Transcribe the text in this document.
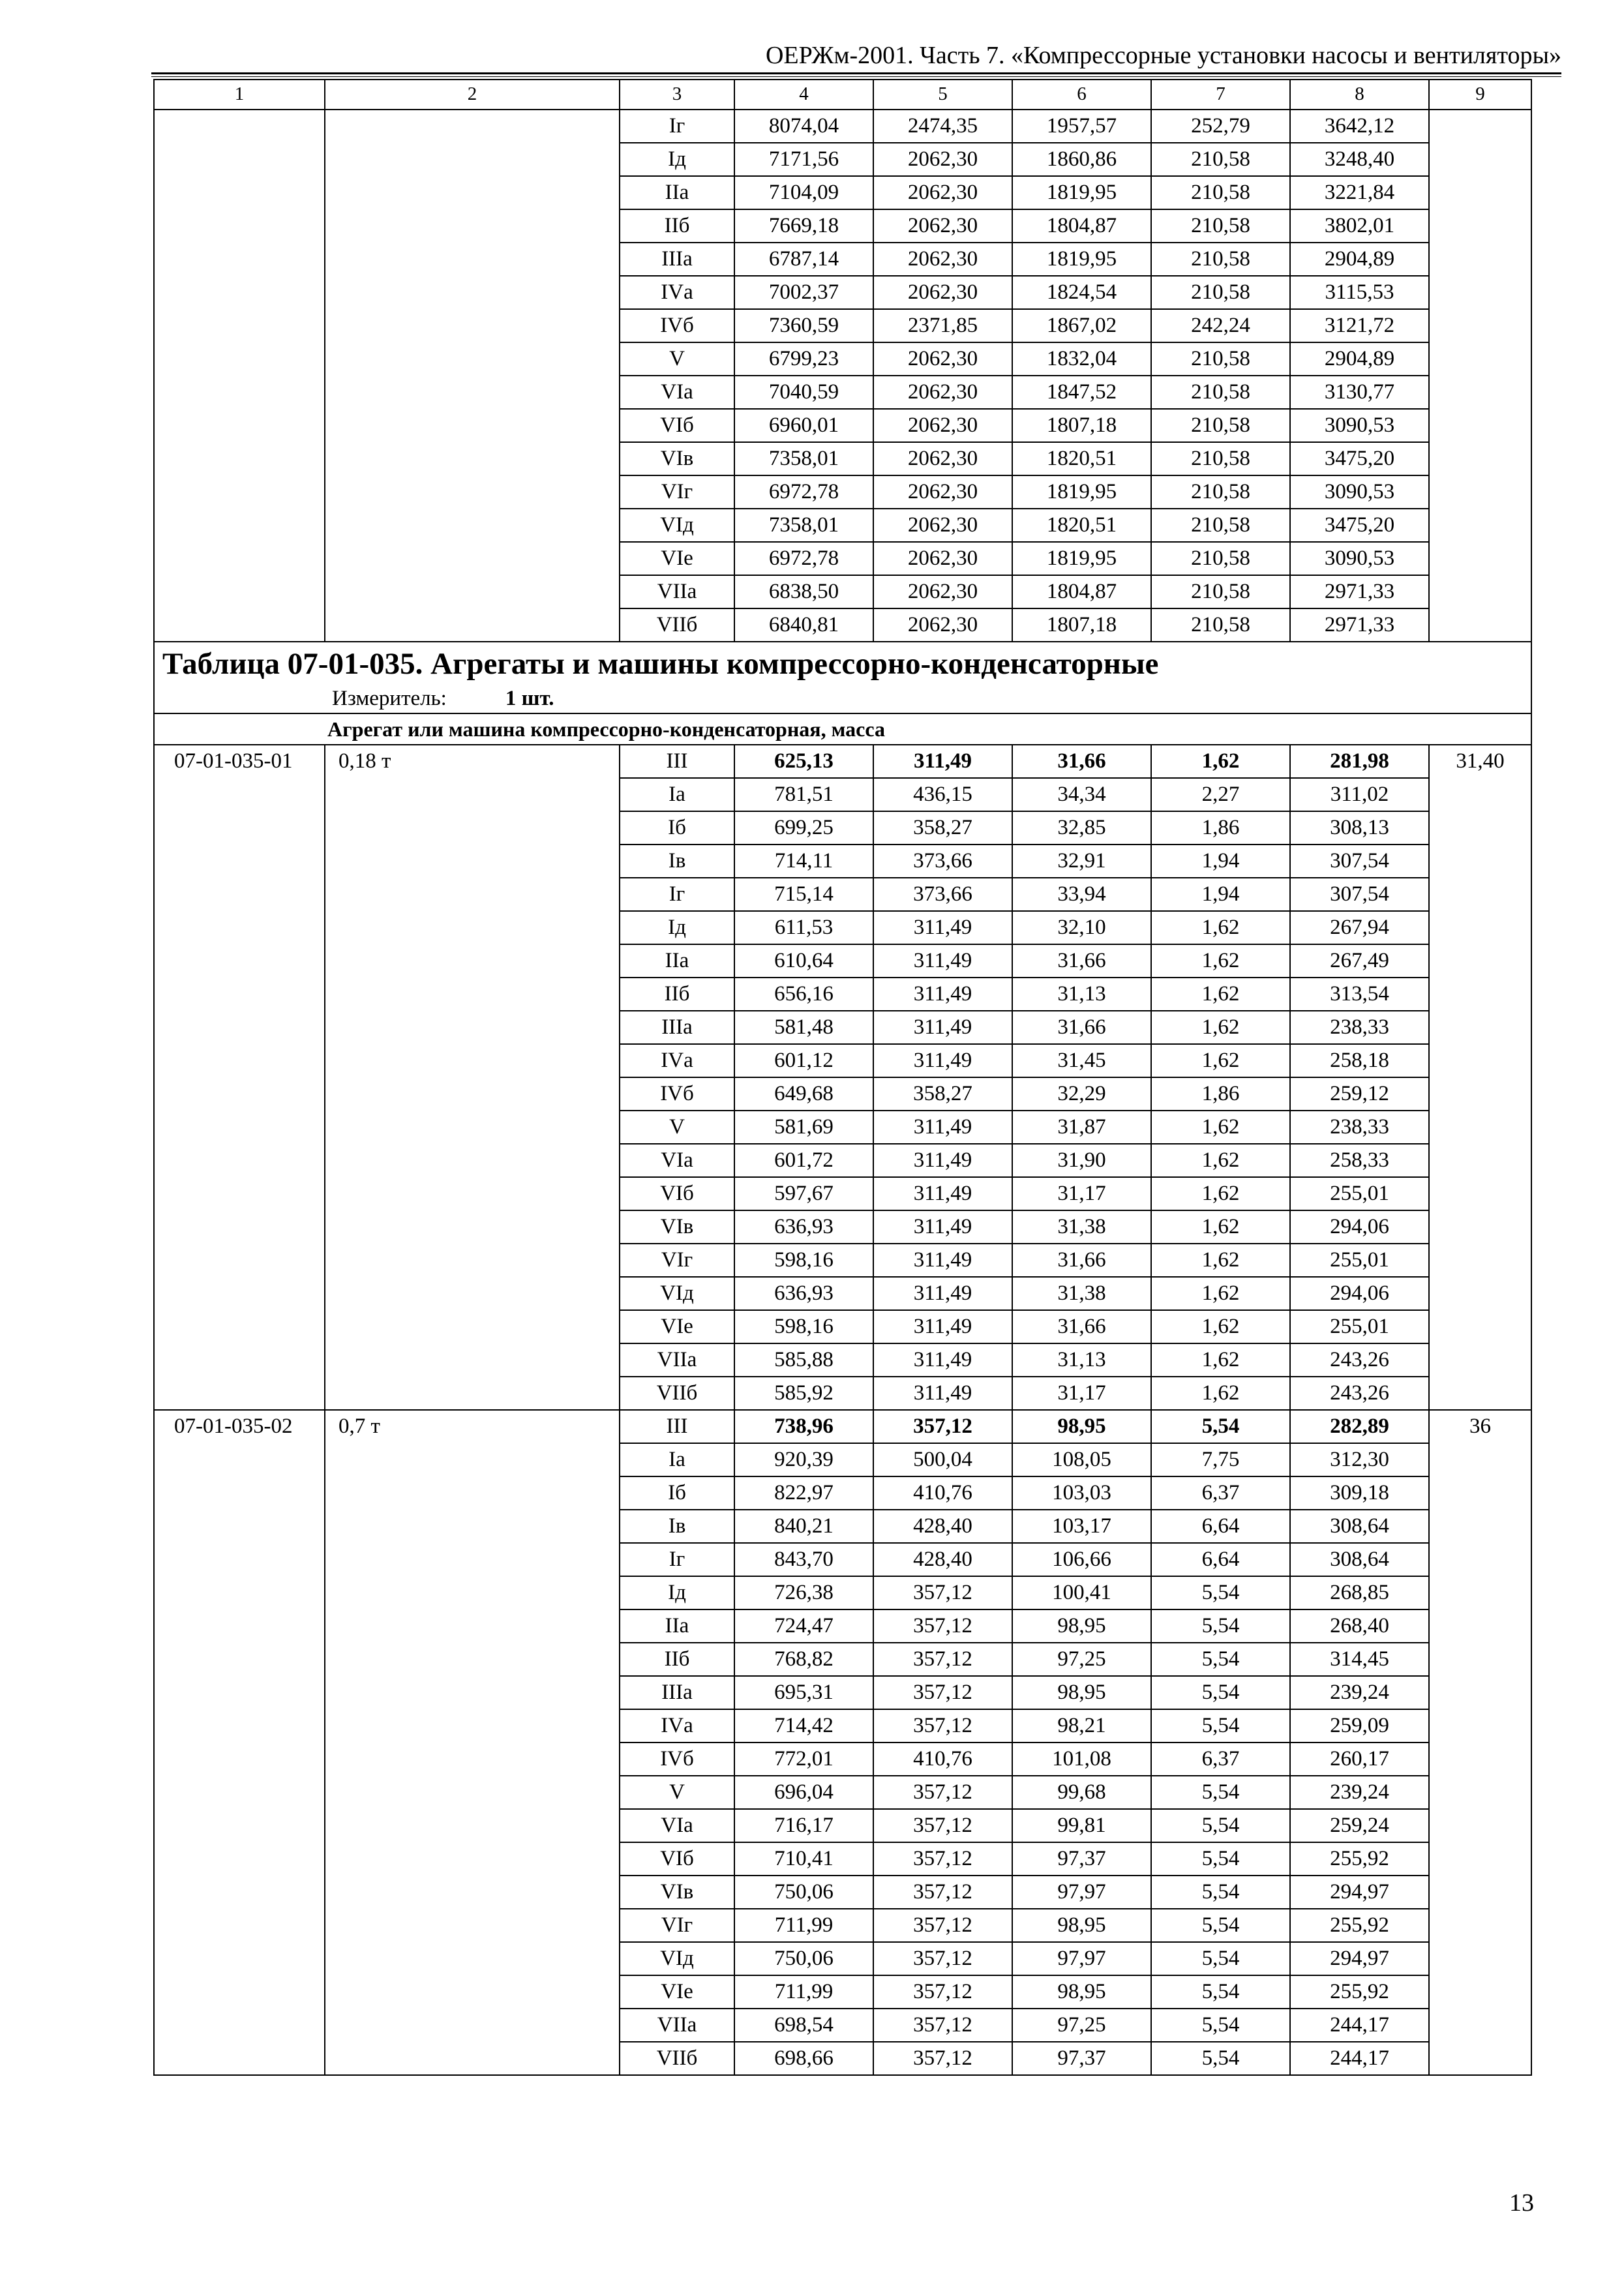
ОЕРЖм-2001. Часть 7. «Компрессорные установки насосы и вентиляторы»
1	2	3	4	5	6	7	8	9
		Iг	8074,04	2474,35	1957,57	252,79	3642,12	
		Iд	7171,56	2062,30	1860,86	210,58	3248,40	
		IIа	7104,09	2062,30	1819,95	210,58	3221,84	
		IIб	7669,18	2062,30	1804,87	210,58	3802,01	
		IIIа	6787,14	2062,30	1819,95	210,58	2904,89	
		IVа	7002,37	2062,30	1824,54	210,58	3115,53	
		IVб	7360,59	2371,85	1867,02	242,24	3121,72	
		V	6799,23	2062,30	1832,04	210,58	2904,89	
		VIа	7040,59	2062,30	1847,52	210,58	3130,77	
		VIб	6960,01	2062,30	1807,18	210,58	3090,53	
		VIв	7358,01	2062,30	1820,51	210,58	3475,20	
		VIг	6972,78	2062,30	1819,95	210,58	3090,53	
		VIд	7358,01	2062,30	1820,51	210,58	3475,20	
		VIе	6972,78	2062,30	1819,95	210,58	3090,53	
		VIIа	6838,50	2062,30	1804,87	210,58	2971,33	
		VIIб	6840,81	2062,30	1807,18	210,58	2971,33	

Таблица 07-01-035. Агрегаты и машины компрессорно-конденсаторные
Измеритель: 1 шт.								

Агрегат или машина компрессорно-конденсаторная, масса								
07-01-035-01	0,18 т	III	625,13	311,49	31,66	1,62	281,98	31,40
		Iа	781,51	436,15	34,34	2,27	311,02	
		Iб	699,25	358,27	32,85	1,86	308,13	
		Iв	714,11	373,66	32,91	1,94	307,54	
		Iг	715,14	373,66	33,94	1,94	307,54	
		Iд	611,53	311,49	32,10	1,62	267,94	
		IIа	610,64	311,49	31,66	1,62	267,49	
		IIб	656,16	311,49	31,13	1,62	313,54	
		IIIа	581,48	311,49	31,66	1,62	238,33	
		IVа	601,12	311,49	31,45	1,62	258,18	
		IVб	649,68	358,27	32,29	1,86	259,12	
		V	581,69	311,49	31,87	1,62	238,33	
		VIа	601,72	311,49	31,90	1,62	258,33	
		VIб	597,67	311,49	31,17	1,62	255,01	
		VIв	636,93	311,49	31,38	1,62	294,06	
		VIг	598,16	311,49	31,66	1,62	255,01	
		VIд	636,93	311,49	31,38	1,62	294,06	
		VIе	598,16	311,49	31,66	1,62	255,01	
		VIIа	585,88	311,49	31,13	1,62	243,26	
		VIIб	585,92	311,49	31,17	1,62	243,26	
07-01-035-02	0,7 т	III	738,96	357,12	98,95	5,54	282,89	36
		Iа	920,39	500,04	108,05	7,75	312,30	
		Iб	822,97	410,76	103,03	6,37	309,18	
		Iв	840,21	428,40	103,17	6,64	308,64	
		Iг	843,70	428,40	106,66	6,64	308,64	
		Iд	726,38	357,12	100,41	5,54	268,85	
		IIа	724,47	357,12	98,95	5,54	268,40	
		IIб	768,82	357,12	97,25	5,54	314,45	
		IIIа	695,31	357,12	98,95	5,54	239,24	
		IVа	714,42	357,12	98,21	5,54	259,09	
		IVб	772,01	410,76	101,08	6,37	260,17	
		V	696,04	357,12	99,68	5,54	239,24	
		VIа	716,17	357,12	99,81	5,54	259,24	
		VIб	710,41	357,12	97,37	5,54	255,92	
		VIв	750,06	357,12	97,97	5,54	294,97	
		VIг	711,99	357,12	98,95	5,54	255,92	
		VIд	750,06	357,12	97,97	5,54	294,97	
		VIе	711,99	357,12	98,95	5,54	255,92	
		VIIа	698,54	357,12	97,25	5,54	244,17	
		VIIб	698,66	357,12	97,37	5,54	244,17	
13
